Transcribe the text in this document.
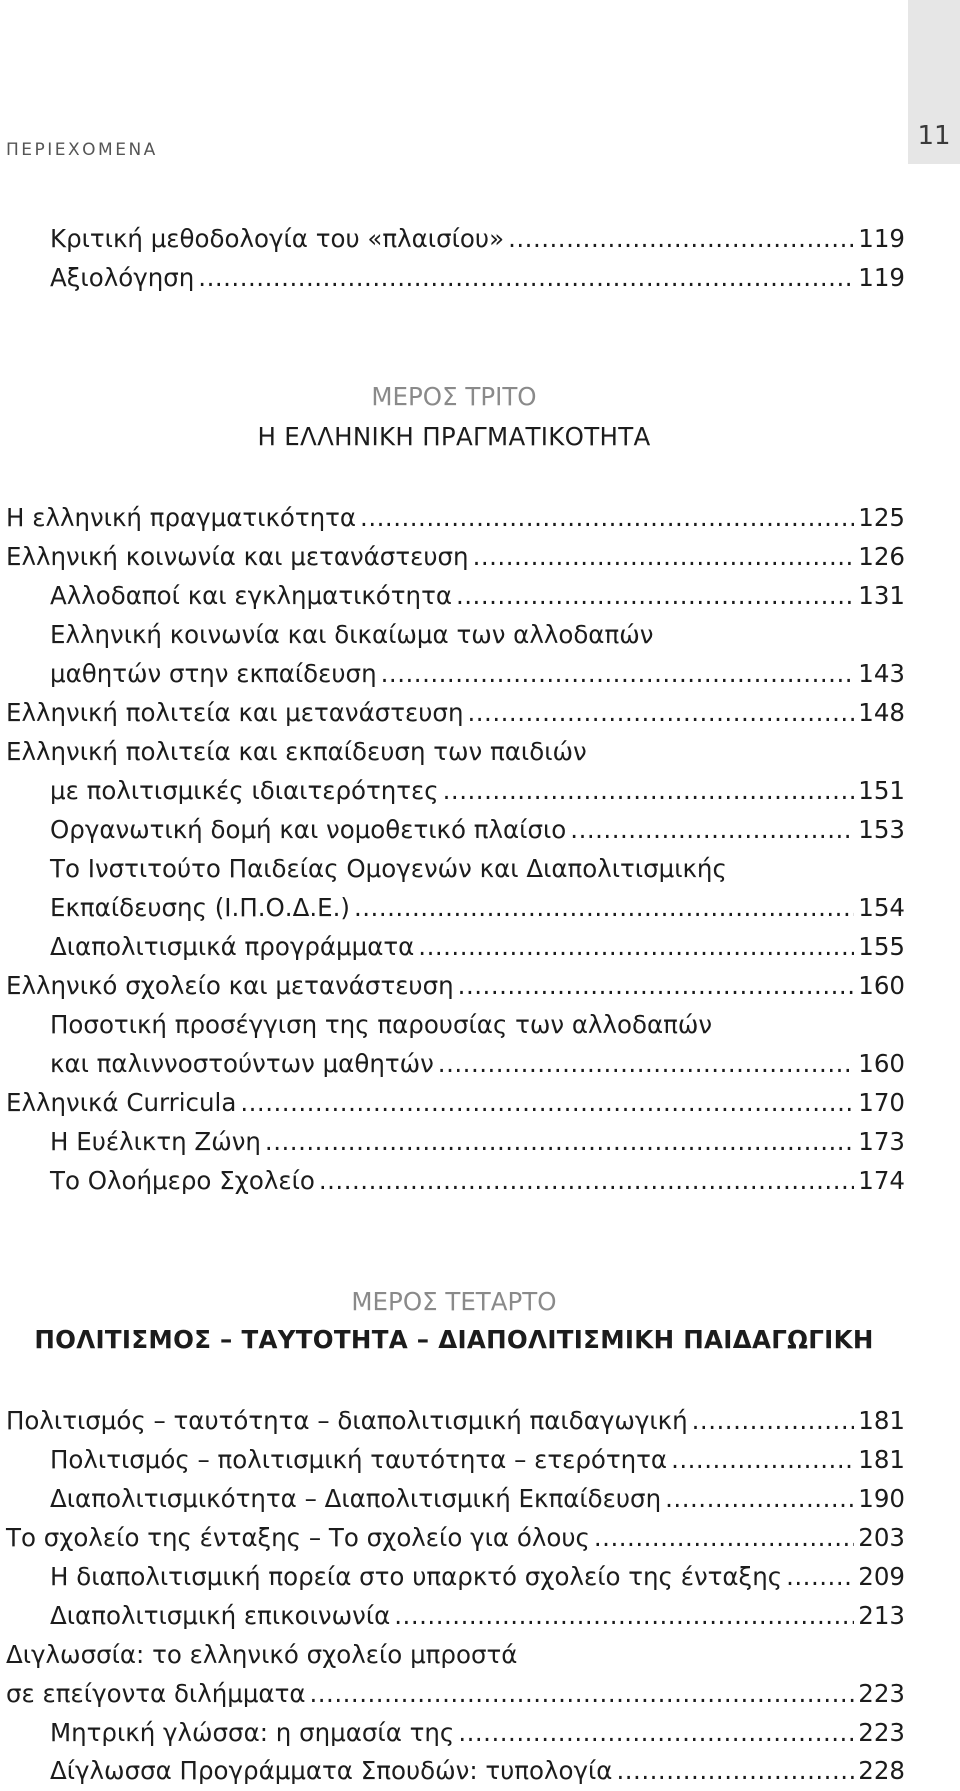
11
ΠΕΡΙΕΧΟΜΕΝΑ
Κριτική μεθοδολογία του «πλαισίου» .....	119
Αξιολόγηση .....	119
ΜΕΡΟΣ ΤΡΙΤΟ
Η ΕΛΛΗΝΙΚΗ ΠΡΑΓΜΑΤΙΚΟΤΗΤΑ
Η ελληνική πραγματικότητα .....	125
Ελληνική κοινωνία και μετανάστευση .....	126
Αλλοδαποί και εγκληματικότητα .....	131
Ελληνική κοινωνία και δικαίωμα των αλλοδαπών
μαθητών στην εκπαίδευση .....	143
Ελληνική πολιτεία και μετανάστευση .....	148
Ελληνική πολιτεία και εκπαίδευση των παιδιών
με πολιτισμικές ιδιαιτερότητες .....	151
Οργανωτική δομή και νομοθετικό πλαίσιο .....	153
Το Ινστιτούτο Παιδείας Ομογενών και Διαπολιτισμικής
Εκπαίδευσης (Ι.Π.Ο.Δ.Ε.) .....	154
Διαπολιτισμικά προγράμματα .....	155
Ελληνικό σχολείο και μετανάστευση .....	160
Ποσοτική προσέγγιση της παρουσίας των αλλοδαπών
και παλιννοστούντων μαθητών .....	160
Ελληνικά Curricula .....	170
Η Ευέλικτη Ζώνη .....	173
Το Ολοήμερο Σχολείο .....	174
ΜΕΡΟΣ ΤΕΤΑΡΤΟ
ΠΟΛΙΤΙΣΜΟΣ – ΤΑΥΤΟΤΗΤΑ – ΔΙΑΠΟΛΙΤΙΣΜΙΚΗ ΠΑΙΔΑΓΩΓΙΚΗ
Πολιτισμός – ταυτότητα – διαπολιτισμική παιδαγωγική .....	181
Πολιτισμός – πολιτισμική ταυτότητα – ετερότητα .....	181
Διαπολιτισμικότητα – Διαπολιτισμική Εκπαίδευση .....	190
Το σχολείο της ένταξης – Το σχολείο για όλους .....	203
Η διαπολιτισμική πορεία στο υπαρκτό σχολείο της ένταξης .....	209
Διαπολιτισμική επικοινωνία .....	213
Διγλωσσία: το ελληνικό σχολείο μπροστά
σε επείγοντα διλήμματα .....	223
Μητρική γλώσσα: η σημασία της .....	223
Δίγλωσσα Προγράμματα Σπουδών: τυπολογία .....	228
